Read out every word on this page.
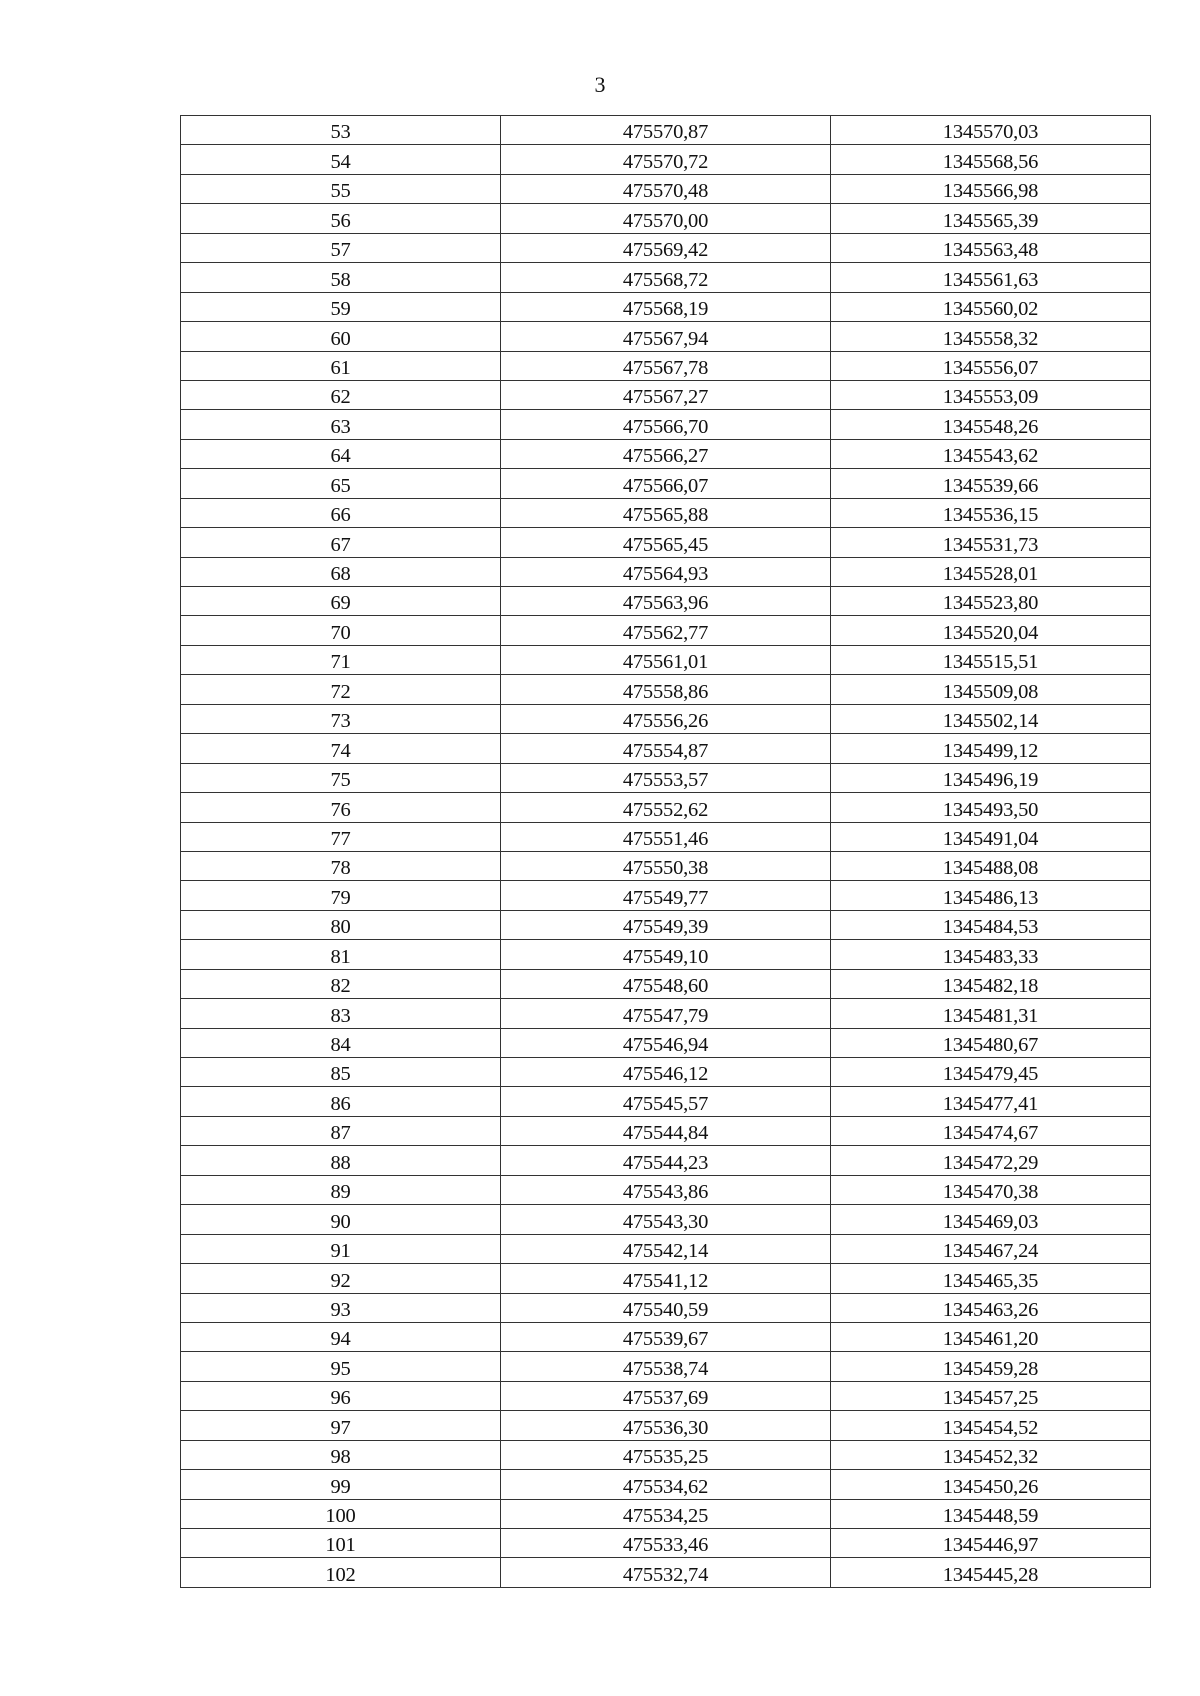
3
53	475570,87	1345570,03
54	475570,72	1345568,56
55	475570,48	1345566,98
56	475570,00	1345565,39
57	475569,42	1345563,48
58	475568,72	1345561,63
59	475568,19	1345560,02
60	475567,94	1345558,32
61	475567,78	1345556,07
62	475567,27	1345553,09
63	475566,70	1345548,26
64	475566,27	1345543,62
65	475566,07	1345539,66
66	475565,88	1345536,15
67	475565,45	1345531,73
68	475564,93	1345528,01
69	475563,96	1345523,80
70	475562,77	1345520,04
71	475561,01	1345515,51
72	475558,86	1345509,08
73	475556,26	1345502,14
74	475554,87	1345499,12
75	475553,57	1345496,19
76	475552,62	1345493,50
77	475551,46	1345491,04
78	475550,38	1345488,08
79	475549,77	1345486,13
80	475549,39	1345484,53
81	475549,10	1345483,33
82	475548,60	1345482,18
83	475547,79	1345481,31
84	475546,94	1345480,67
85	475546,12	1345479,45
86	475545,57	1345477,41
87	475544,84	1345474,67
88	475544,23	1345472,29
89	475543,86	1345470,38
90	475543,30	1345469,03
91	475542,14	1345467,24
92	475541,12	1345465,35
93	475540,59	1345463,26
94	475539,67	1345461,20
95	475538,74	1345459,28
96	475537,69	1345457,25
97	475536,30	1345454,52
98	475535,25	1345452,32
99	475534,62	1345450,26
100	475534,25	1345448,59
101	475533,46	1345446,97
102	475532,74	1345445,28
